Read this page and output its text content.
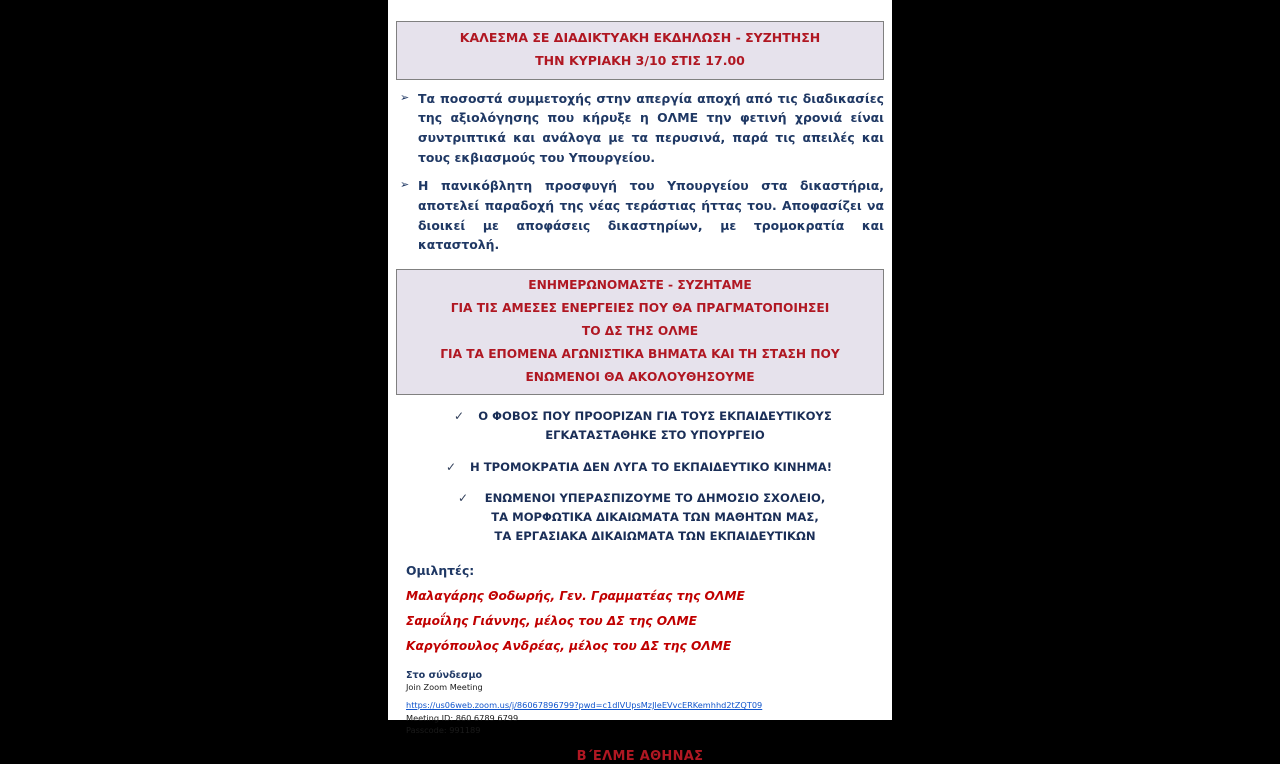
ΚΑΛΕΣΜΑ ΣΕ ΔΙΑΔΙΚΤΥΑΚΗ ΕΚΔΗΛΩΣΗ - ΣΥΖΗΤΗΣΗ
ΤΗΝ ΚΥΡΙΑΚΗ 3/10 ΣΤΙΣ 17.00
➢ Τα ποσοστά συμμετοχής στην απεργία αποχή από τις διαδικασίες της αξιολόγησης που κήρυξε η ΟΛΜΕ την φετινή χρονιά είναι συντριπτικά και ανάλογα με τα περυσινά, παρά τις απειλές και τους εκβιασμούς του Υπουργείου.
➢ Η πανικόβλητη προσφυγή του Υπουργείου στα δικαστήρια, αποτελεί παραδοχή της νέας τεράστιας ήττας του. Αποφασίζει να διοικεί με αποφάσεις δικαστηρίων, με τρομοκρατία και καταστολή.
ΕΝΗΜΕΡΩΝΟΜΑΣΤΕ - ΣΥΖΗΤΑΜΕ
ΓΙΑ ΤΙΣ ΑΜΕΣΕΣ ΕΝΕΡΓΕΙΕΣ ΠΟΥ ΘΑ ΠΡΑΓΜΑΤΟΠΟΙΗΣΕΙ
ΤΟ ΔΣ ΤΗΣ ΟΛΜΕ
ΓΙΑ ΤΑ ΕΠΟΜΕΝΑ ΑΓΩΝΙΣΤΙΚΑ ΒΗΜΑΤΑ ΚΑΙ ΤΗ ΣΤΑΣΗ ΠΟΥ
ΕΝΩΜΕΝΟΙ ΘΑ ΑΚΟΛΟΥΘΗΣΟΥΜΕ
✓	Ο ΦΟΒΟΣ ΠΟΥ ΠΡΟΟΡΙΖΑΝ ΓΙΑ ΤΟΥΣ ΕΚΠΑΙΔΕΥΤΙΚΟΥΣ
ΕΓΚΑΤΑΣΤΑΘΗΚΕ ΣΤΟ ΥΠΟΥΡΓΕΙΟ
✓	Η ΤΡΟΜΟΚΡΑΤΙΑ ΔΕΝ ΛΥΓΑ ΤΟ ΕΚΠΑΙΔΕΥΤΙΚΟ ΚΙΝΗΜΑ!
✓	ΕΝΩΜΕΝΟΙ ΥΠΕΡΑΣΠΙΖΟΥΜΕ ΤΟ ΔΗΜΟΣΙΟ ΣΧΟΛΕΙΟ,
ΤΑ ΜΟΡΦΩΤΙΚΑ ΔΙΚΑΙΩΜΑΤΑ ΤΩΝ ΜΑΘΗΤΩΝ ΜΑΣ,
ΤΑ ΕΡΓΑΣΙΑΚΑ ΔΙΚΑΙΩΜΑΤΑ ΤΩΝ ΕΚΠΑΙΔΕΥΤΙΚΩΝ
Ομιλητές:
Μαλαγάρης Θοδωρής, Γεν. Γραμματέας της ΟΛΜΕ
Σαμοΐλης Γιάννης, μέλος του ΔΣ της ΟΛΜΕ
Καργόπουλος Ανδρέας, μέλος του ΔΣ της ΟΛΜΕ
Στο σύνδεσμο
Join Zoom Meeting
https://us06web.zoom.us/j/86067896799?pwd=c1dlVUpsMzJleEVvcERKemhhd2tZQT09
Meeting ID: 860 6789 6799
Passcode: 991189
Β΄ΕΛΜΕ ΑΘΗΝΑΣ
